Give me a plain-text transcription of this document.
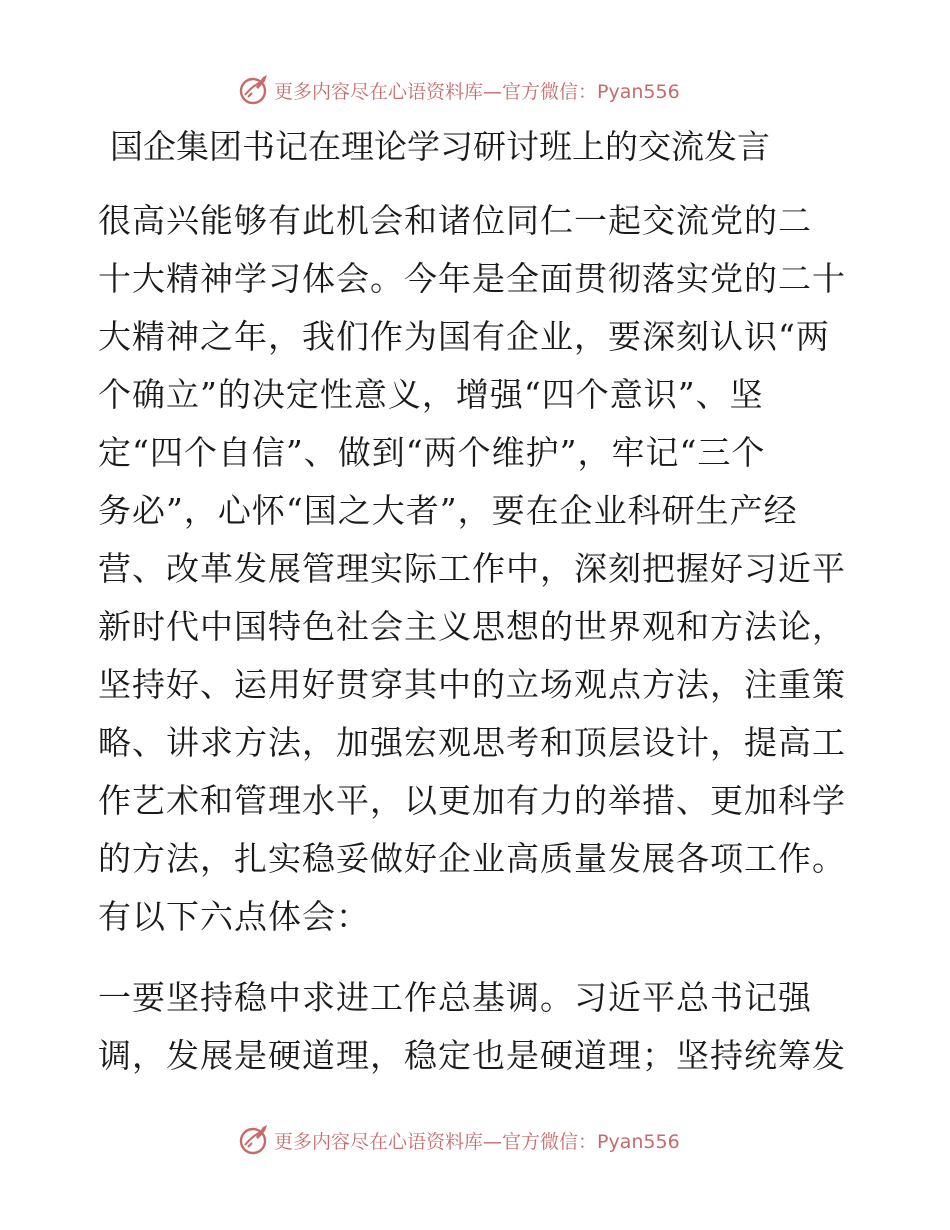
更多内容尽在心语资料库 —官方微信：Pyan556
国企集团书记在理论学习研讨班上的交流发言
很高兴能够有此机会和诸位同仁一起交流党的二
十大精神学习体会。今年是全面贯彻落实党的二十
大精神之年，我们作为国有企业，要深刻认识“两
个确立”的决定性意义，增强“四个意识”、坚
定“四个自信”、做到“两个维护”，牢记“三个
务必”，心怀“国之大者”，要在企业科研生产经
营、改革发展管理实际工作中，深刻把握好习近平
新时代中国特色社会主义思想的世界观和方法论，
坚持好、运用好贯穿其中的立场观点方法，注重策
略、讲求方法，加强宏观思考和顶层设计，提高工
作艺术和管理水平，以更加有力的举措、更加科学
的方法，扎实稳妥做好企业高质量发展各项工作。
有以下六点体会：
一要坚持稳中求进工作总基调。习近平总书记强
调，发展是硬道理，稳定也是硬道理；坚持统筹发
更多内容尽在心语资料库 —官方微信：Pyan556
